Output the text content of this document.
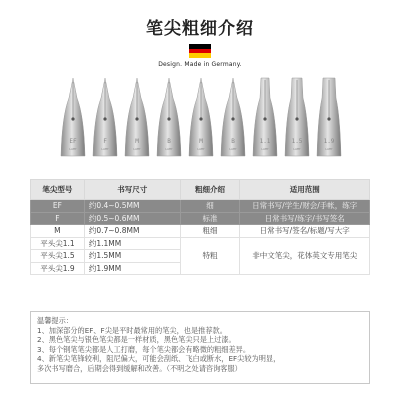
笔尖粗细介绍
Design. Made in Germany.
EF
LAMY
F
LAMY
M
LAMY
B
LAMY
M
LAMY
B
LAMY
1.1
LAMY
1.5
LAMY
1.9
LAMY
笔尖型号	书写尺寸	粗细介绍	适用范围
EF	约0.4~0.5MM	细	日常书写/学生/财会/手帐，练字
F	约0.5~0.6MM	标准	日常书写/练字/书写签名
M	约0.7~0.8MM	粗细	日常书写/签名/标题/写大字
平头尖1.1	约1.1MM	特粗	非中文笔尖，花体英文专用笔尖
平头尖1.5	约1.5MM		
平头尖1.9	约1.9MM		
温馨提示：
1、加深部分的EF、F尖是平时最常用的笔尖，也是推荐款。
2、黑色笔尖与银色笔尖都是一样材质，黑色笔尖只是上过漆。
3、每个钢笔笔尖都是人工打磨，每个笔尖都会有略微的粗细差异。
4、新笔尖笔锋较利，阻尼偏大，可能会刮纸、飞白或断水，EF尖较为明显，
多次书写磨合，后期会得到缓解和改善。（不明之处请咨询客服）
